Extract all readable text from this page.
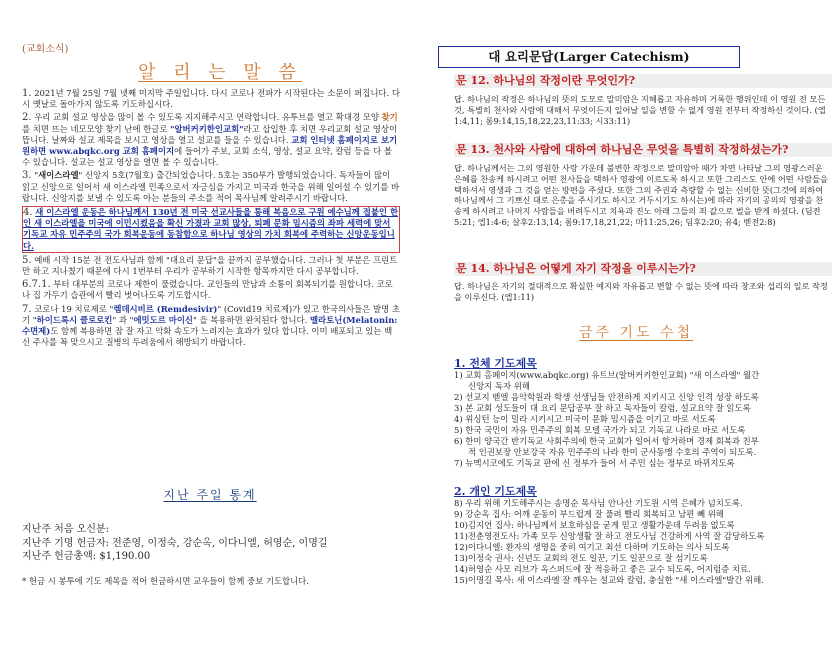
(교회소식)
알 리 는 말 씀

1. 2021년 7월 25일 7월 넷째 미지막 주일입니다. 다시 코로나 전파가 시작된다는 소문이 퍼집니다. 다시 옛날로 돌아가지 않도록 기도하십시다.

2. 우리 교회 설교 영상을 많이 볼 수 있도록 지지해주시고 연락합니다. 유투브를 열고 확대경 모양 찾기를 치면 뜨는 네모모양 찾기 난에 한글로 "알버커키한인교회"라고 삽입한 후 치면 우리교회 설교 영상이 뜹니다. 날짜와 설교 제목을 보시고 영상을 열고 설교를 들을 수 있습니다. 교회 인터넷 홈페이지로 보기 원하면 www.abqkc.org 교회 홈페이지에 들어가 주보, 교회 소식, 영상, 설교 요약, 칼럼 등을 다 볼 수 있습니다. 설교는 설교 영상을 열면 볼 수 있습니다.

3. "새이스라엘" 신앙지 5호(7월호) 출간되었습니다. 5호는 350부가 발행되었습니다. 독자들이 많이 읽고 신앙으로 일어서 새 이스라엘 민족으로서 자긍심을 가지고 미국과 한국을 위해 일어설 수 있기를 바랍니다. 신앙지를 보낼 수 있도록 아는 분들의 주소를 적어 목사님께 알려주시기 바랍니다.

4. 새 이스라엘 운동은 하나님께서 130년 전 미국 선교사들을 통해 복음으로 구원 예수님께 접붙인 한인 새 이스라엘을 미국에 이민시켰음을 확신 가졌과 교회 많상, 퇴폐 문화 밈시즘의 좌파 세력에 맞서 기독교 자유 민주주의 국가 회복운동에 동참함으로 하나님 영상의 가치 회복에 주력하는 신앙운동입니다.

5. 예배 시작 15분 전 전도사님과 함께 "대요리 문답"을 끝까지 공부했습니다. 그러나 첫 부분은 프린트만 하고 지나쳤기 때문에 다시 1번부터 우리가 공부하기 시작한 항목까지만 다시 공부합니다.

6.7.1. 부터 대부분의 코로나 제한이 풀렸습니다. 교인들의 만남과 소통이 회복되기를 원합니다. 코로나 집 가두기 습관에서 빨리 벗어나도록 기도합시다.

7. 코로나 19 치료제로 "렘데시비르 (Remdesivir)" (Covid19 치료제)가 있고 한국의사들은 발명 초기 "하이드록시 클로로킨" 과 "에밋도르 마이신" 을 복용하면 완치된다 합니다. 멜라토닌(Melatonin:수면제)도 함께 복용하면 잠 잘 자고 악화 속도가 느려지는 효과가 있다 합니다. 이미 배포되고 있는 백신 주사를 꼭 맞으시고 질병의 두려움에서 해방되기 바랍니다.

지난 주일 통계
지난주 처음 오신분:
지난주 기명 헌금자: 전준영, 이정숙, 강순옥, 이다니엘, 허영순, 이명길
지난주 헌금총액: $1,190.00
* 헌금 시 봉투에 기도 제목을 적어 헌금하시면 교우들이 함께 중보 기도합니다.
대 요리문답(Larger Catechism)
문 12. 하나님의 작정이란 무엇인가?
답. 하나님의 작정은 하나님의 뜻의 도모로 말미암은 지혜롭고 자유하며 거룩한 행위인데 이 영원 전 모든 것, 특별히 천사와 사람에 대해서 무엇이든지 일어날 일을 변함 수 없게 영원 전부터 작정하신 것이다. (엡1:4,11; 롬9:14,15,18,22,23,11:33; 시33:11)
문 13. 천사와 사람에 대하여 하나님은 무엇을 특별히 작정하셨는가?
답. 하나님께서는 그의 영원한 사랑 가운데 불변한 작정으로 말미암아 때가 차면 나타날 그의 영광스러운 은혜를 찬송케 하시려고 어떤 천사들을 택하사 영광에 이르도록 하시고 또한 그리스도 안에 어떤 사람들을 택하셔서 영생과 그 것을 얻는 방편을 주셨다. 또한 그의 주권과 측량할 수 없는 신비한 뜻(그것에 의하여 하나님께서 그 기쁘신 대로 은총을 주시기도 하시고 거두시기도 하시는)에 따라 자기의 공의의 영광을 찬송케 하시려고 나머지 사람들을 버려두시고 치욕과 진노 아래 그들의 죄 값으로 벌을 받게 하셨다. (딤전5:21; 엡1:4-6; 살후2:13,14; 롬9:17,18,21,22; 마11:25,26; 딤후2:20; 유4; 벧전2:8)
문 14. 하나님은 어떻게 자기 작정을 이루시는가?
답. 하나님은 자기의 절대적으로 확실한 예지와 자유롭고 변할 수 없는 뜻에 따라 창조와 섭리의 일로 작정을 이루신다. (엡1:11)
금주 기도 수첩
1. 전체 기도제목
1) 교회 홈페이지(www.abqkc.org) 유트브(알버커키한인교회) "새 이스라엘" 월간
신앙지 독자 위해
2) 선교지 벧엘 음악학원과 학생 선생님들 안전하게 지키시고 신앙 인격 성장 하도록
3) 본 교회 성도들이 대 요리 문답공부 잘 하고 독자들이 칼럼, 설교요약 잘 읽도록
4) 위싱턴 능이 밀라 시키시고 미국이 문화 밈시즘을 이기고 바로 서도록
5) 한국 국민이 자유 민주주의 회복 모델 국가가 되고 기독교 나라로 바로 서도록
6) 한미 양국간 반기독교 사회주의에 한국 교회가 일어서 항거하며 경제 회복과 친부
적 인권보장 안보강국 자유 민주주의 나라 한미 군사동맹 수호의 주역이 되도록.
7) 뉴멕시코에도 기독교 판에 신 정부가 들어 서 주민 심는 정부로 바뀌지도록
2. 개인 기도제목
8) 우리 위해 기도해주시는 송명순 목사님 안나산 기도원 시역 은혜가 넘치도록.
9) 강순옥 집사: 어깨 운동이 부드럽게 잘 풀려 빨리 회복되고 남편 뻬 위해
10)김지언 집사: 하나님께서 보호하심을 굳게 믿고 생활가운데 두려움 없도록
11)전춘영전도사: 가족 모두 신앙생활 잘 하고 전도사님 건강하게 사역 잘 감당하도록
12)이다니엘: 환자의 생명을 중히 여기고 최선 다하며 기도하는 의사 되도록
13)이정숙 권사: 신년도 교회의 전도 일꾼, 기도 일꾼으로 잘 섬기도록
14)허영순 사모 리브가 옥스퍼드에 잘 적응하고 좋은 교수 되도록, 어지럼증 치료.
15)이명길 목사: 새 이스라엘 잘 깨우는 설교와 칼럼, 충실한 "새 이스라엘"발간 위해.
